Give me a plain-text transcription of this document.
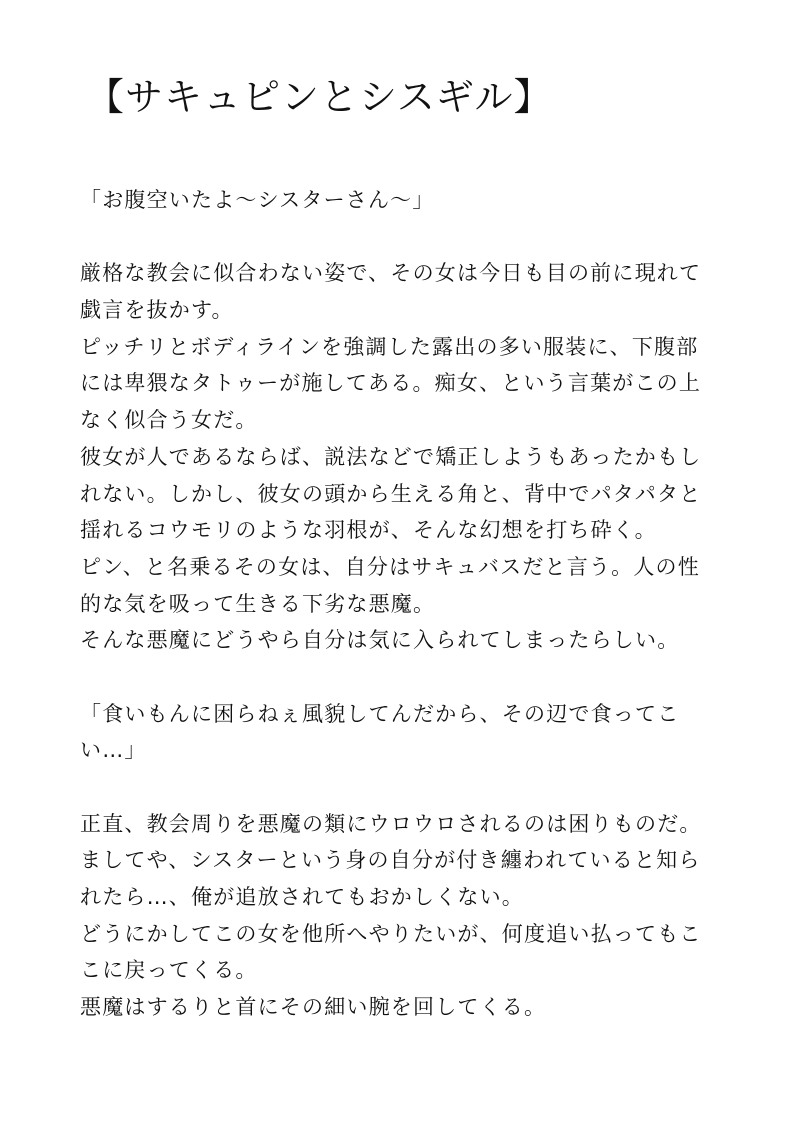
【サキュピンとシスギル】
「お腹空いたよ〜シスターさん〜」
厳格な教会に似合わない姿で、その女は今日も目の前に現れて
戯言を抜かす。
ピッチリとボディラインを強調した露出の多い服装に、下腹部
には卑猥なタトゥーが施してある。痴女、という言葉がこの上
なく似合う女だ。
彼女が人であるならば、説法などで矯正しようもあったかもし
れない。しかし、彼女の頭から生える角と、背中でパタパタと
揺れるコウモリのような羽根が、そんな幻想を打ち砕く。
ピン、と名乗るその女は、自分はサキュバスだと言う。人の性
的な気を吸って生きる下劣な悪魔。
そんな悪魔にどうやら自分は気に入られてしまったらしい。
「食いもんに困らねぇ風貌してんだから、その辺で食ってこ
い…」
正直、教会周りを悪魔の類にウロウロされるのは困りものだ。
ましてや、シスターという身の自分が付き纏われていると知ら
れたら…、俺が追放されてもおかしくない。
どうにかしてこの女を他所へやりたいが、何度追い払ってもこ
こに戻ってくる。
悪魔はするりと首にその細い腕を回してくる。
